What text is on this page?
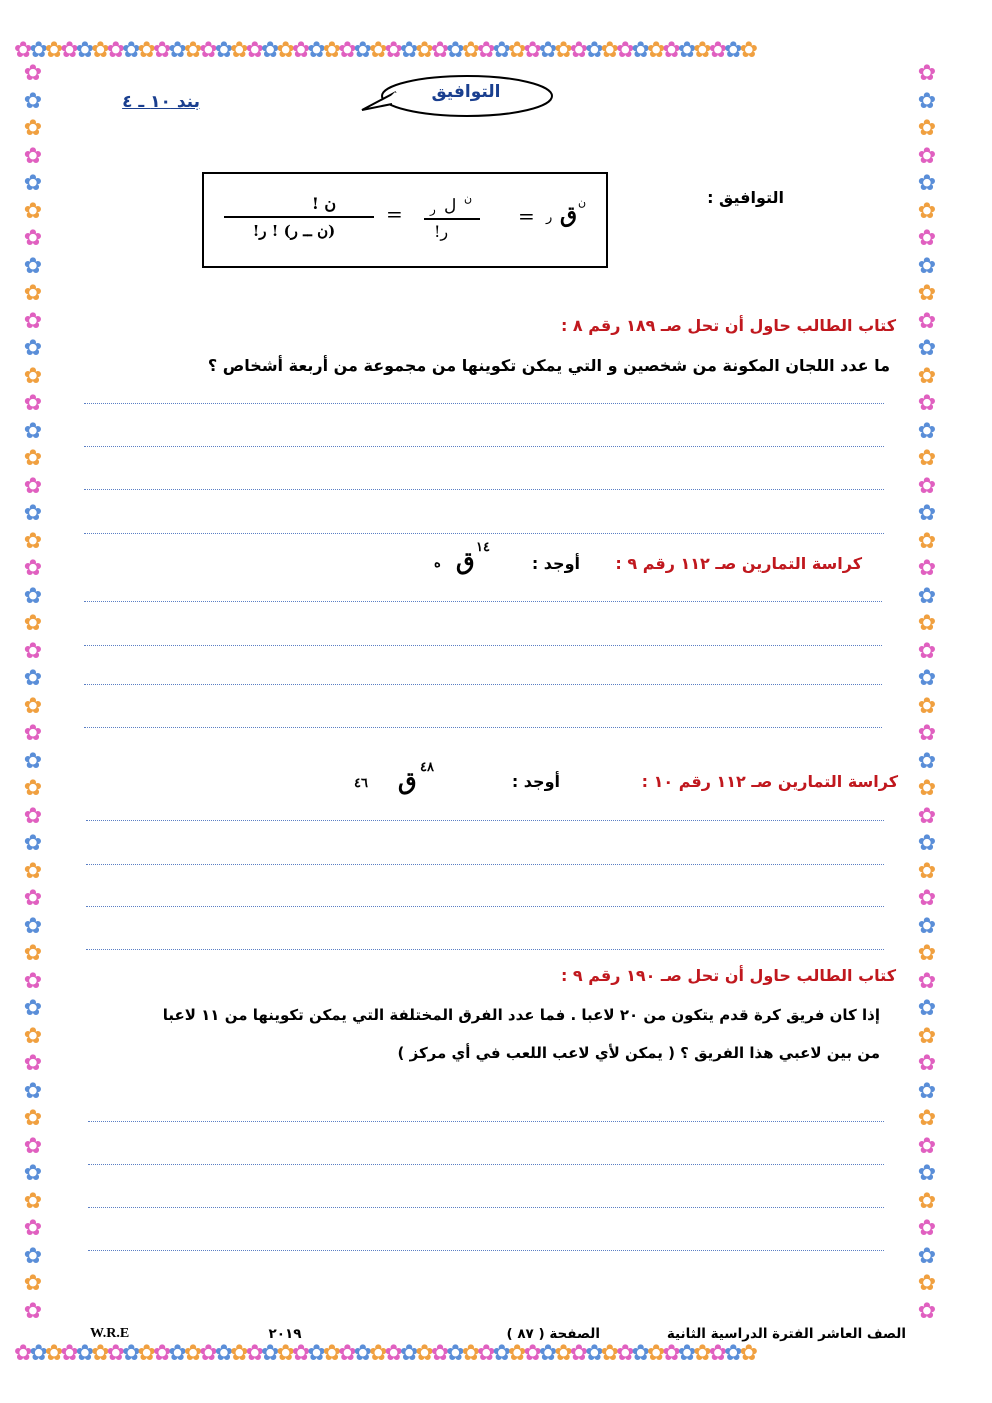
✿✿✿✿✿✿✿✿✿✿✿✿✿✿✿✿✿✿✿✿✿✿✿✿✿✿✿✿✿✿✿✿✿✿✿✿✿✿✿✿✿✿✿✿✿✿✿✿
✿✿✿✿✿✿✿✿✿✿✿✿✿✿✿✿✿✿✿✿✿✿✿✿✿✿✿✿✿✿✿✿✿✿✿✿✿✿✿✿✿✿✿✿✿✿✿✿
✿
✿
✿
✿
✿
✿
✿
✿
✿
✿
✿
✿
✿
✿
✿
✿
✿
✿
✿
✿
✿
✿
✿
✿
✿
✿
✿
✿
✿
✿
✿
✿
✿
✿
✿
✿
✿
✿
✿
✿
✿
✿
✿
✿
✿
✿
✿
✿
✿
✿
✿
✿
✿
✿
✿
✿
✿
✿
✿
✿
✿
✿
✿
✿
✿
✿
✿
✿
✿
✿
✿
✿
✿
✿
✿
✿
✿
✿
✿
✿
✿
✿
✿
✿
✿
✿
✿
✿
✿
✿
✿
✿
بند ١٠ ـ ٤	التوافيق
التوافيق :
ن
ق
ر
=
ن
ل
ر
ر!
=
ن !
(ن ــ ر) ! ر!
كتاب الطالب حاول أن تحل صـ ١٨٩ رقم ٨ :
ما عدد اللجان المكونة من شخصين و التي يمكن تكوينها من مجموعة من أربعة أشخاص ؟
كراسة التمارين صـ ١١٢ رقم ٩ :
أوجد :
١٤
ق
ه
كراسة التمارين صـ ١١٢ رقم ١٠ :
أوجد :
٤٨
ق
٤٦
كتاب الطالب حاول أن تحل صـ ١٩٠ رقم ٩ :
إذا كان فريق كرة قدم يتكون من ٢٠ لاعبا . فما عدد الفرق المختلفة التي يمكن تكوينها من ١١ لاعبا
من بين لاعبي هذا الفريق ؟ ( يمكن لأي لاعب اللعب في أي مركز )
الصف العاشر الفترة الدراسية الثانية
الصفحة ( ٨٧ )
٢٠١٩
W.R.E
